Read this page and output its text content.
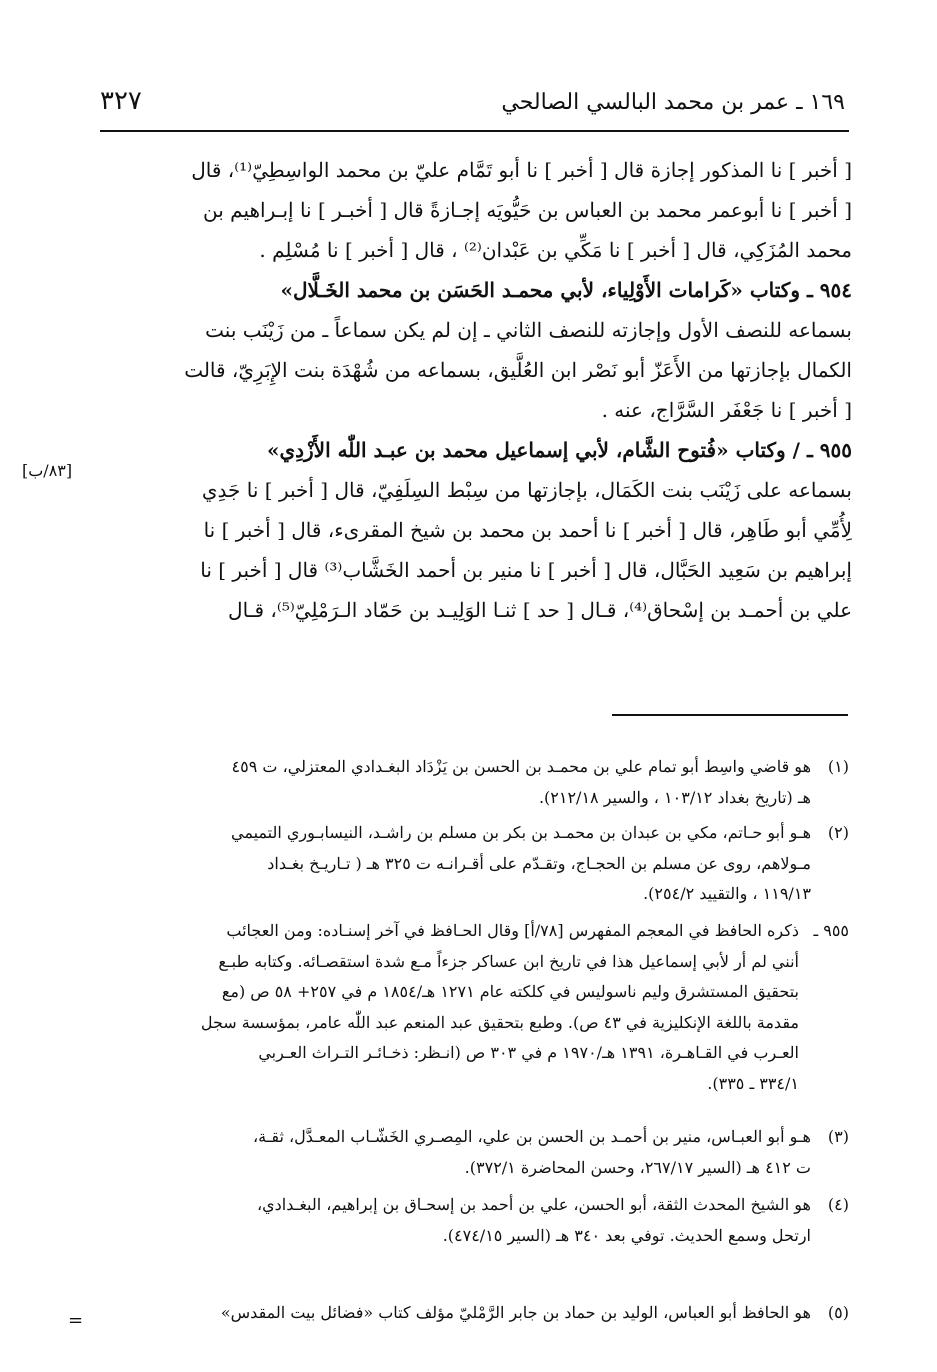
٣٢٧	١٦٩ ـ عمر بن محمد البالسي الصالحي
[٨٣/ب]

[ أخبر ] نا المذكور إجازة قال [ أخبر ] نا أبو تَمَّام عليّ بن محمد الواسِطِيّ⁽¹⁾، قال

[ أخبر ] نا أبوعمر محمد بن العباس بن حَيُّويَه إجـازةً قال [ أخبـر ] نا إبـراهيم بن

محمد المُزَكِي، قال [ أخبر ] نا مَكِّي بن عَبْدان⁽²⁾ ، قال [ أخبر ] نا مُسْلِم .

٩٥٤ ـ وكتاب «كَرامات الأَوْلِياء، لأبي محمـد الحَسَن بن محمد الخَـلَّال»

بسماعه للنصف الأول وإجازته للنصف الثاني ـ إن لم يكن سماعاً ـ من زَيْنَب بنت

الكمال بإجازتها من الأَعَزّ أبو نَصْر ابن العُلَّيق، بسماعه من شُهْدَة بنت الإِبَرِيّ، قالت

[ أخبر ] نا جَعْفَر السَّرَّاج، عنه .

٩٥٥ ـ / وكتاب «فُتوح الشَّام، لأبي إسماعيل محمد بن عبـد اللّٰه الأَزْدِي»

بسماعه على زَيْنَب بنت الكَمَال، بإجازتها من سِبْط السِلَفِيّ، قال [ أخبر ] نا جَدِي

لِأُمِّي أبو طَاهِر، قال [ أخبر ] نا أحمد بن محمد بن شيخ المقرىء، قال [ أخبر ] نا

إبراهيم بن سَعِيد الحَبَّال، قال [ أخبر ] نا منير بن أحمد الخَشَّاب⁽³⁾ قال [ أخبر ] نا

علي بن أحمـد بن إسْحاق⁽⁴⁾، قـال [ حد ] ثنـا الوَلِيـد بن حَمّاد الـرَمْلِيّ⁽⁵⁾، قـال

(١)
هو قاضي واسِط أبو تمام علي بن محمـد بن الحسن بن يَزْدَاد البغـدادي المعتزلي، ت ٤٥٩
هـ (تاريخ بغداد ١٠٣/١٢ ، والسير ٢١٢/١٨).
(٢)
هـو أبو حـاتم، مكي بن عبدان بن محمـد بن بكر بن مسلم بن راشـد، النيسابـوري التميمي
مـولاهم، روى عن مسلم بن الحجـاج، وتقـدّم على أقـرانـه ت ٣٢٥ هـ ( تـاريـخ بغـداد
١١٩/١٣ ، والتقييد ٢٥٤/٢).
٩٥٥ ـ
ذكره الحافظ في المعجم المفهرس [٧٨/أ] وقال الحـافظ في آخر إسنـاده: ومن العجائب
أنني لم أر لأبي إسماعيل هذا في تاريخ ابن عساكر جزءاً مـع شدة استقصـائه. وكتابه طبـع
بتحقيق المستشرق وليم ناسوليس في كلكته عام ١٢٧١ هـ/١٨٥٤ م في ٢٥٧+ ٥٨ ص (مع
مقدمة باللغة الإنكليزية في ٤٣ ص). وطبع بتحقيق عبد المنعم عبد اللّٰه عامر، بمؤسسة سجل
العـرب في القـاهـرة، ١٣٩١ هـ/١٩٧٠ م في ٣٠٣ ص (انـظر: ذخـائـر التـراث العـربي
٣٣٤/١ ـ ٣٣٥).
(٣)
هـو أبو العبـاس، منير بن أحمـد بن الحسن بن علي، المِصـري الخَشّـاب المعـدَّل، ثقـة،
ت ٤١٢ هـ (السير ٢٦٧/١٧، وحسن المحاضرة ٣٧٢/١).
(٤)
هو الشيخ المحدث الثقة، أبو الحسن، علي بن أحمد بن إسحـاق بن إبراهيم، البغـدادي،
ارتحل وسمع الحديث. توفي بعد ٣٤٠ هـ (السير ٤٧٤/١٥).
(٥)
هو الحافظ أبو العباس، الوليد بن حماد بن جابر الرَّمْليّ مؤلف كتاب «فضائل بيت المقدس»
=
